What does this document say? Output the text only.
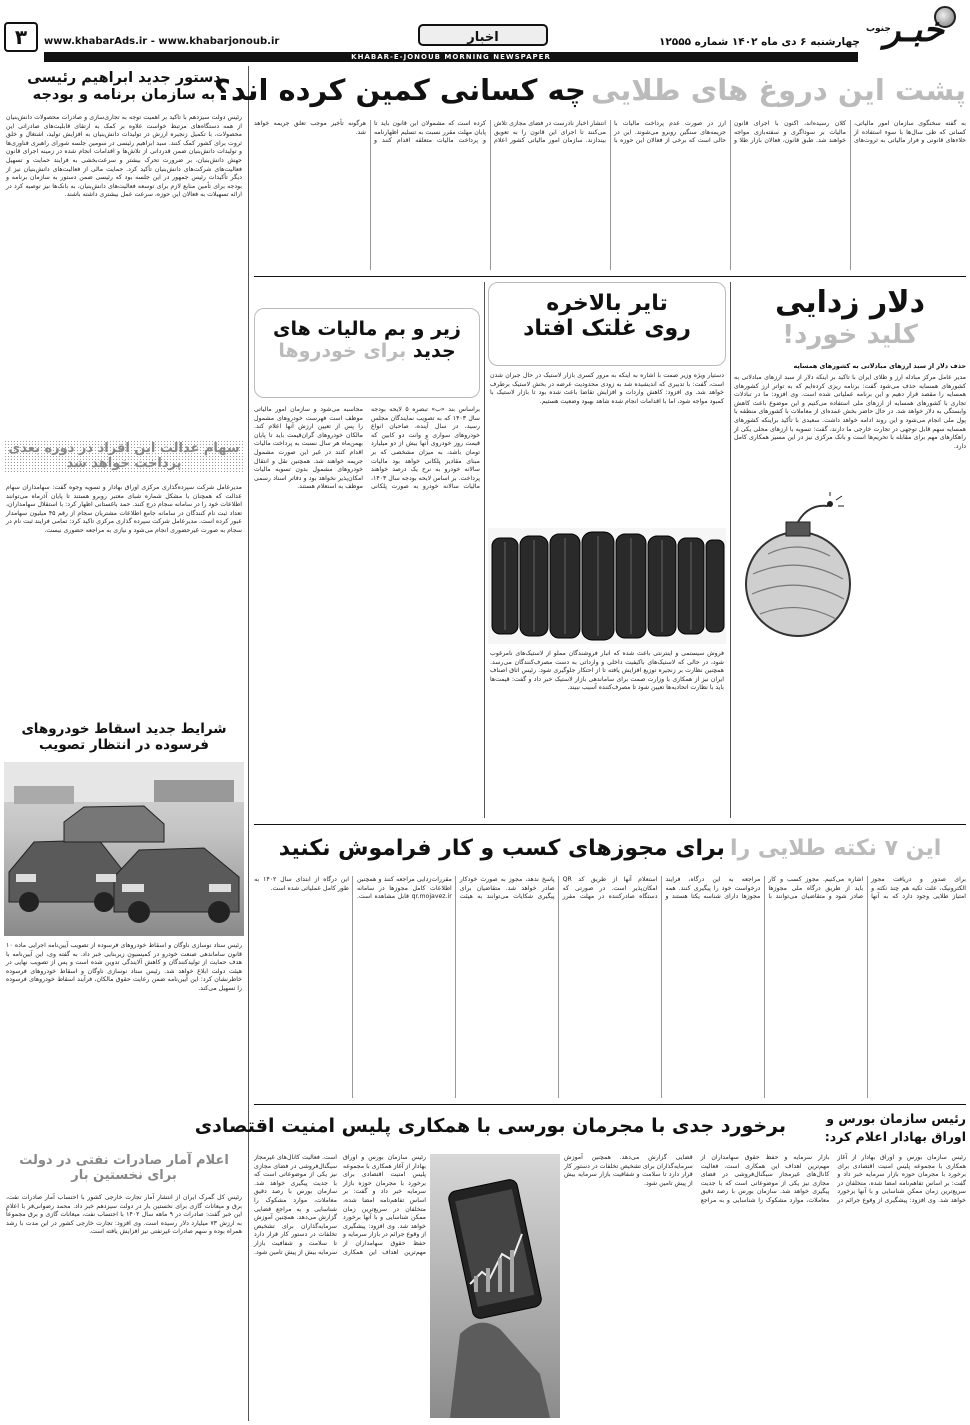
خبـر
جنوب
چهارشنبه ۶ دی ماه ۱۴۰۲ شماره ۱۲۵۵۵
اخبار
www.khabarAds.ir - www.khabarjonoub.ir
۳
KHABAR-E-JONOUB MORNING NEWSPAPER
دستور جدید ابراهیم رئیسی
به سازمان برنامه و بودجه
رئیس دولت سیزدهم با تاکید بر اهمیت توجه به تجاری‌سازی و صادرات محصولات دانش‌بنیان از همه دستگاه‌های مرتبط خواست علاوه بر کمک به ارتقای قابلیت‌های صادراتی این محصولات، با تکمیل زنجیره ارزش در تولیدات دانش‌بنیان به افزایش تولید، اشتغال و خلق ثروت برای کشور کمک کنند. سید ابراهیم رئیسی در سومین جلسه شورای راهبری فناوری‌ها و تولیدات دانش‌بنیان ضمن قدردانی از تلاش‌ها و اقدامات انجام شده در زمینه اجرای قانون جهش دانش‌بنیان، بر ضرورت تحرک بیشتر و سرعت‌بخشی به فرایند حمایت و تسهیل فعالیت‌های شرکت‌های دانش‌بنیان تأکید کرد. حمایت مالی از فعالیت‌های دانش‌بنیان نیز از دیگر تأکیدات رئیس جمهور در این جلسه بود که رئیسی ضمن دستور به سازمان برنامه و بودجه برای تأمین منابع لازم برای توسعه فعالیت‌های دانش‌بنیان، به بانک‌ها نیز توصیه کرد در ارائه تسهیلات به فعالان این حوزه، سرعت عمل بیشتری داشته باشند.
سهام عدالت این افراد در دوره بعدی
پرداخت خواهد شد
مدیرعامل شرکت سپرده‌گذاری مرکزی اوراق بهادار و تسویه وجوه گفت: سهامداران سهام عدالت که همچنان با مشکل شماره شبای معتبر روبرو هستند تا پایان آذرماه می‌توانند اطلاعات خود را در سامانه سجام درج کنند. حمد باغستانی اظهار کرد: با استقلال سهامداران، تعداد ثبت نام کنندگان در سامانه جامع اطلاعات مشتریان سجام از رقم ۴۵ میلیون سهامدار عبور کرده است. مدیرعامل شرکت سپرده گذاری مرکزی تاکید کرد: تمامی فرایند ثبت نام در سجام به صورت غیرحضوری انجام می‌شود و نیازی به مراجعه حضوری نیست.
شرایط جدید اسقاط خودروهای
فرسوده در انتظار تصویب
رئیس ستاد نوسازی ناوگان و اسقاط خودروهای فرسوده از تصویب آیین‌نامه اجرایی ماده ۱۰ قانون ساماندهی صنعت خودرو در کمیسیون زیربنایی خبر داد. به گفته وی، این آیین‌نامه با هدف حمایت از تولیدکنندگان و کاهش آلایندگی تدوین شده است و پس از تصویب نهایی در هیئت دولت ابلاغ خواهد شد. رئیس ستاد نوسازی ناوگان و اسقاط خودروهای فرسوده خاطرنشان کرد: این آیین‌نامه ضمن رعایت حقوق مالکان، فرآیند اسقاط خودروهای فرسوده را تسهیل می‌کند.
اعلام آمار صادرات نفتی در دولت
برای نخستین بار
رئیس کل گمرک ایران از انتشار آمار تجارت خارجی کشور با احتساب آمار صادرات نفت، برق و میعانات گازی برای نخستین بار در دولت سیزدهم خبر داد. محمد رضوانی‌فر با اعلام این خبر گفت: صادرات در ۹ ماهه سال ۱۴۰۲ با احتساب نفت، میعانات گازی و برق مجموعاً به ارزش ۷۳ میلیارد دلار رسیده است. وی افزود: تجارت خارجی کشور در این مدت با رشد همراه بوده و سهم صادرات غیرنفتی نیز افزایش یافته است.
پشت این دروغ های طلایی چه کسانی کمین کرده اند؟
به گفته سخنگوی سازمان امور مالیاتی، کسانی که طی سال‌ها با سوء استفاده از خلاءهای قانونی و فرار مالیاتی به ثروت‌های کلان رسیده‌اند، اکنون با اجرای قانون مالیات بر سوداگری و سفته‌بازی مواجه خواهند شد. طبق قانون، فعالان بازار طلا و ارز در صورت عدم پرداخت مالیات با جریمه‌های سنگین روبرو می‌شوند. این در حالی است که برخی از فعالان این حوزه با انتشار اخبار نادرست در فضای مجازی تلاش می‌کنند تا اجرای این قانون را به تعویق بیندازند. سازمان امور مالیاتی کشور اعلام کرده است که مشمولان این قانون باید تا پایان مهلت مقرر نسبت به تسلیم اظهارنامه و پرداخت مالیات متعلقه اقدام کنند و هرگونه تأخیر موجب تعلق جریمه خواهد شد.
دلار زدایی
کلید خورد!
حذف دلار از سبد ارزهای مبادلاتی به کشورهای همسایه
مدیر عامل مرکز مبادله ارز و طلای ایران با تاکید بر اینکه دلار از سبد ارزهای مبادلاتی به کشورهای همسایه حذف می‌شود گفت: برنامه ریزی کرده‌ایم که به تواتر ارز کشورهای همسایه را مقصد قرار دهیم و این برنامه عملیاتی شده است. وی افزود: ما در تبادلات تجاری با کشورهای همسایه از ارزهای ملی استفاده می‌کنیم و این موضوع باعث کاهش وابستگی به دلار خواهد شد. در حال حاضر بخش عمده‌ای از معاملات با کشورهای منطقه با پول ملی انجام می‌شود و این روند ادامه خواهد داشت. سعیدی با تأکید براینکه کشورهای همسایه سهم قابل توجهی در تجارت خارجی ما دارند، گفت: تسویه با ارزهای محلی یکی از راهکارهای مهم برای مقابله با تحریم‌ها است و بانک مرکزی نیز در این مسیر همکاری کامل دارد.
تایر بالاخره
روی غلتک افتاد
دستیار ویژه وزیر صمت با اشاره به اینکه به مرور کسری بازار لاستیک در حال جبران شدن است، گفت: با تدبیری که اندیشیده شد به زودی محدودیت عرضه در بخش لاستیک برطرف خواهد شد. وی افزود: کاهش واردات و افزایش تقاضا باعث شده بود تا بازار لاستیک با کمبود مواجه شود، اما با اقدامات انجام شده شاهد بهبود وضعیت هستیم.
فروش سیستمی و اینترنتی باعث شده که انبار فروشندگان مملو از لاستیک‌های نامرغوب شود، در حالی که لاستیک‌های باکیفیت داخلی و وارداتی به دست مصرف‌کنندگان می‌رسد. همچنین نظارت بر زنجیره توزیع افزایش یافته تا از احتکار جلوگیری شود. رئیس اتاق اصناف ایران نیز از همکاری با وزارت صمت برای ساماندهی بازار لاستیک خبر داد و گفت: قیمت‌ها باید با نظارت اتحادیه‌ها تعیین شود تا مصرف‌کننده آسیب نبیند.
زیر و بم مالیات های
جدید برای خودروها
براساس بند «ب» تبصره ۵ لایحه بودجه سال ۱۴۰۳ که به تصویب نمایندگان مجلس رسید، در سال آینده، صاحبان انواع خودروهای سواری و وانت دو کابین که قیمت روز خودروی آنها بیش از دو میلیارد تومان باشد، به میزان مشخصی که بر مبنای مقادیر پلکانی خواهد بود مالیات سالانه خودرو به نرخ یک درصد خواهند پرداخت. بر اساس لایحه بودجه سال ۱۴۰۳، مالیات سالانه خودرو به صورت پلکانی محاسبه می‌شود و سازمان امور مالیاتی موظف است فهرست خودروهای مشمول را پس از تعیین ارزش آنها اعلام کند. مالکان خودروهای گران‌قیمت باید تا پایان بهمن‌ماه هر سال نسبت به پرداخت مالیات اقدام کنند در غیر این صورت مشمول جریمه خواهند شد. همچنین نقل و انتقال خودروهای مشمول بدون تسویه مالیات امکان‌پذیر نخواهد بود و دفاتر اسناد رسمی موظف به استعلام هستند.
این ۷ نکته طلایی را برای مجوزهای کسب و کار فراموش نکنید
برای صدور و دریافت مجوز الکترونیک، علت تکیه هم چند نکته و امتیاز طلایی وجود دارد که به آنها اشاره می‌کنیم. مجوز کسب و کار باید از طریق درگاه ملی مجوزها صادر شود و متقاضیان می‌توانند با مراجعه به این درگاه، فرایند درخواست خود را پیگیری کنند. همه مجوزها دارای شناسه یکتا هستند و استعلام آنها از طریق کد QR امکان‌پذیر است. در صورتی که دستگاه صادرکننده در مهلت مقرر پاسخ ندهد، مجوز به صورت خودکار صادر خواهد شد. متقاضیان برای پیگیری شکایات می‌توانند به هیئت مقررات‌زدایی مراجعه کنند و همچنین اطلاعات کامل مجوزها در سامانه qr.mojavez.ir قابل مشاهده است. این درگاه از ابتدای سال ۱۴۰۲ به طور کامل عملیاتی شده است.
رئیس سازمان بورس و
اوراق بهادار اعلام کرد:
برخورد جدی با مجرمان بورسی با همکاری پلیس امنیت اقتصادی
رئیس سازمان بورس و اوراق بهادار از آغاز همکاری با مجموعه پلیس امنیت اقتصادی برای برخورد با مجرمان حوزه بازار سرمایه خبر داد و گفت: بر اساس تفاهم‌نامه امضا شده، متخلفان در سریع‌ترین زمان ممکن شناسایی و با آنها برخورد خواهد شد. وی افزود: پیشگیری از وقوع جرائم در بازار سرمایه و حفظ حقوق سهامداران از مهم‌ترین اهداف این همکاری است. فعالیت کانال‌های غیرمجاز سیگنال‌فروشی در فضای مجازی نیز یکی از موضوعاتی است که با جدیت پیگیری خواهد شد. سازمان بورس با رصد دقیق معاملات، موارد مشکوک را شناسایی و به مراجع قضایی گزارش می‌دهد. همچنین آموزش سرمایه‌گذاران برای تشخیص تخلفات در دستور کار قرار دارد تا سلامت و شفافیت بازار سرمایه بیش از پیش تامین شود.
رئیس سازمان بورس و اوراق بهادار از آغاز همکاری با مجموعه پلیس امنیت اقتصادی برای برخورد با مجرمان حوزه بازار سرمایه خبر داد و گفت: بر اساس تفاهم‌نامه امضا شده، متخلفان در سریع‌ترین زمان ممکن شناسایی و با آنها برخورد خواهد شد. وی افزود: پیشگیری از وقوع جرائم در بازار سرمایه و حفظ حقوق سهامداران از مهم‌ترین اهداف این همکاری است. فعالیت کانال‌های غیرمجاز سیگنال‌فروشی در فضای مجازی نیز یکی از موضوعاتی است که با جدیت پیگیری خواهد شد. سازمان بورس با رصد دقیق معاملات، موارد مشکوک را شناسایی و به مراجع قضایی گزارش می‌دهد. همچنین آموزش سرمایه‌گذاران برای تشخیص تخلفات در دستور کار قرار دارد تا سلامت و شفافیت بازار سرمایه بیش از پیش تامین شود.
